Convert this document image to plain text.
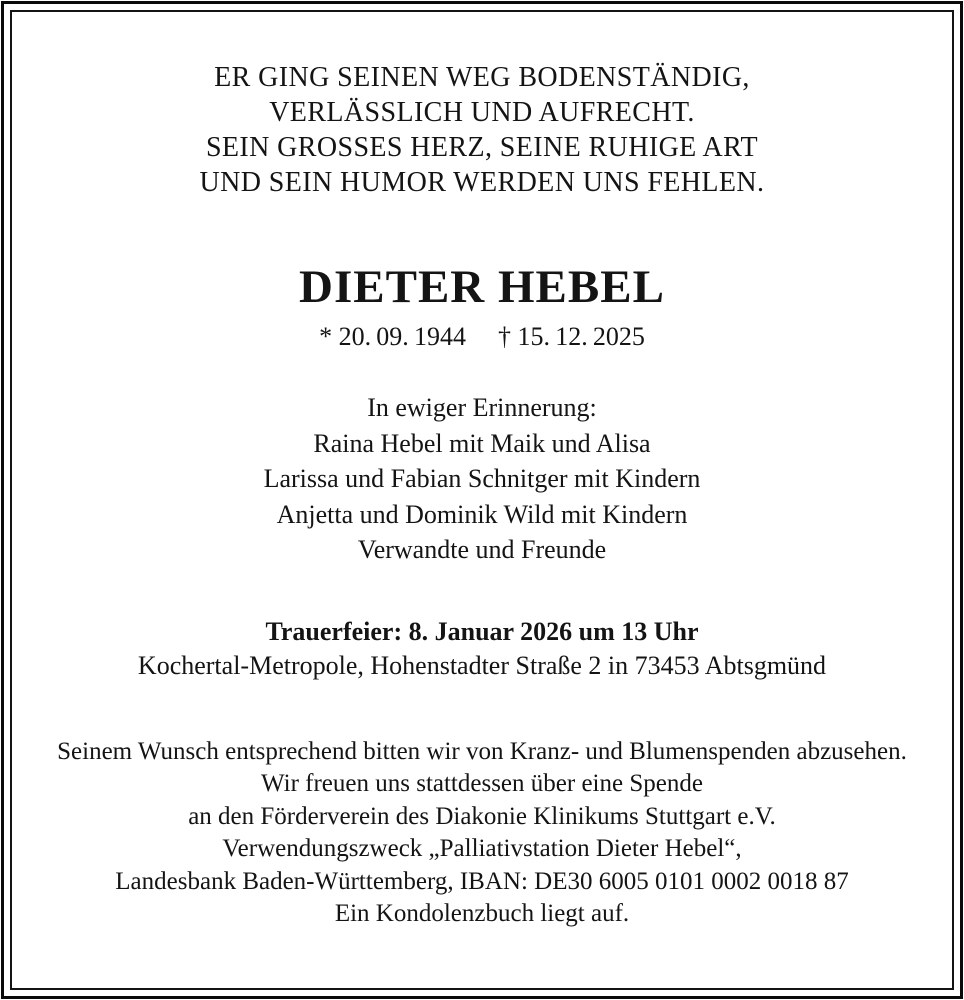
ER GING SEINEN WEG BODENSTÄNDIG,
VERLÄSSLICH UND AUFRECHT.
SEIN GROSSES HERZ, SEINE RUHIGE ART
UND SEIN HUMOR WERDEN UNS FEHLEN.
DIETER HEBEL
* 20. 09. 1944 † 15. 12. 2025
In ewiger Erinnerung:
Raina Hebel mit Maik und Alisa
Larissa und Fabian Schnitger mit Kindern
Anjetta und Dominik Wild mit Kindern
Verwandte und Freunde
Trauerfeier: 8. Januar 2026 um 13 Uhr
Kochertal-Metropole, Hohenstadter Straße 2 in 73453 Abtsgmünd
Seinem Wunsch entsprechend bitten wir von Kranz- und Blumenspenden abzusehen.
Wir freuen uns stattdessen über eine Spende
an den Förderverein des Diakonie Klinikums Stuttgart e.V.
Verwendungszweck „Palliativstation Dieter Hebel“,
Landesbank Baden-Württemberg, IBAN: DE30 6005 0101 0002 0018 87
Ein Kondolenzbuch liegt auf.
